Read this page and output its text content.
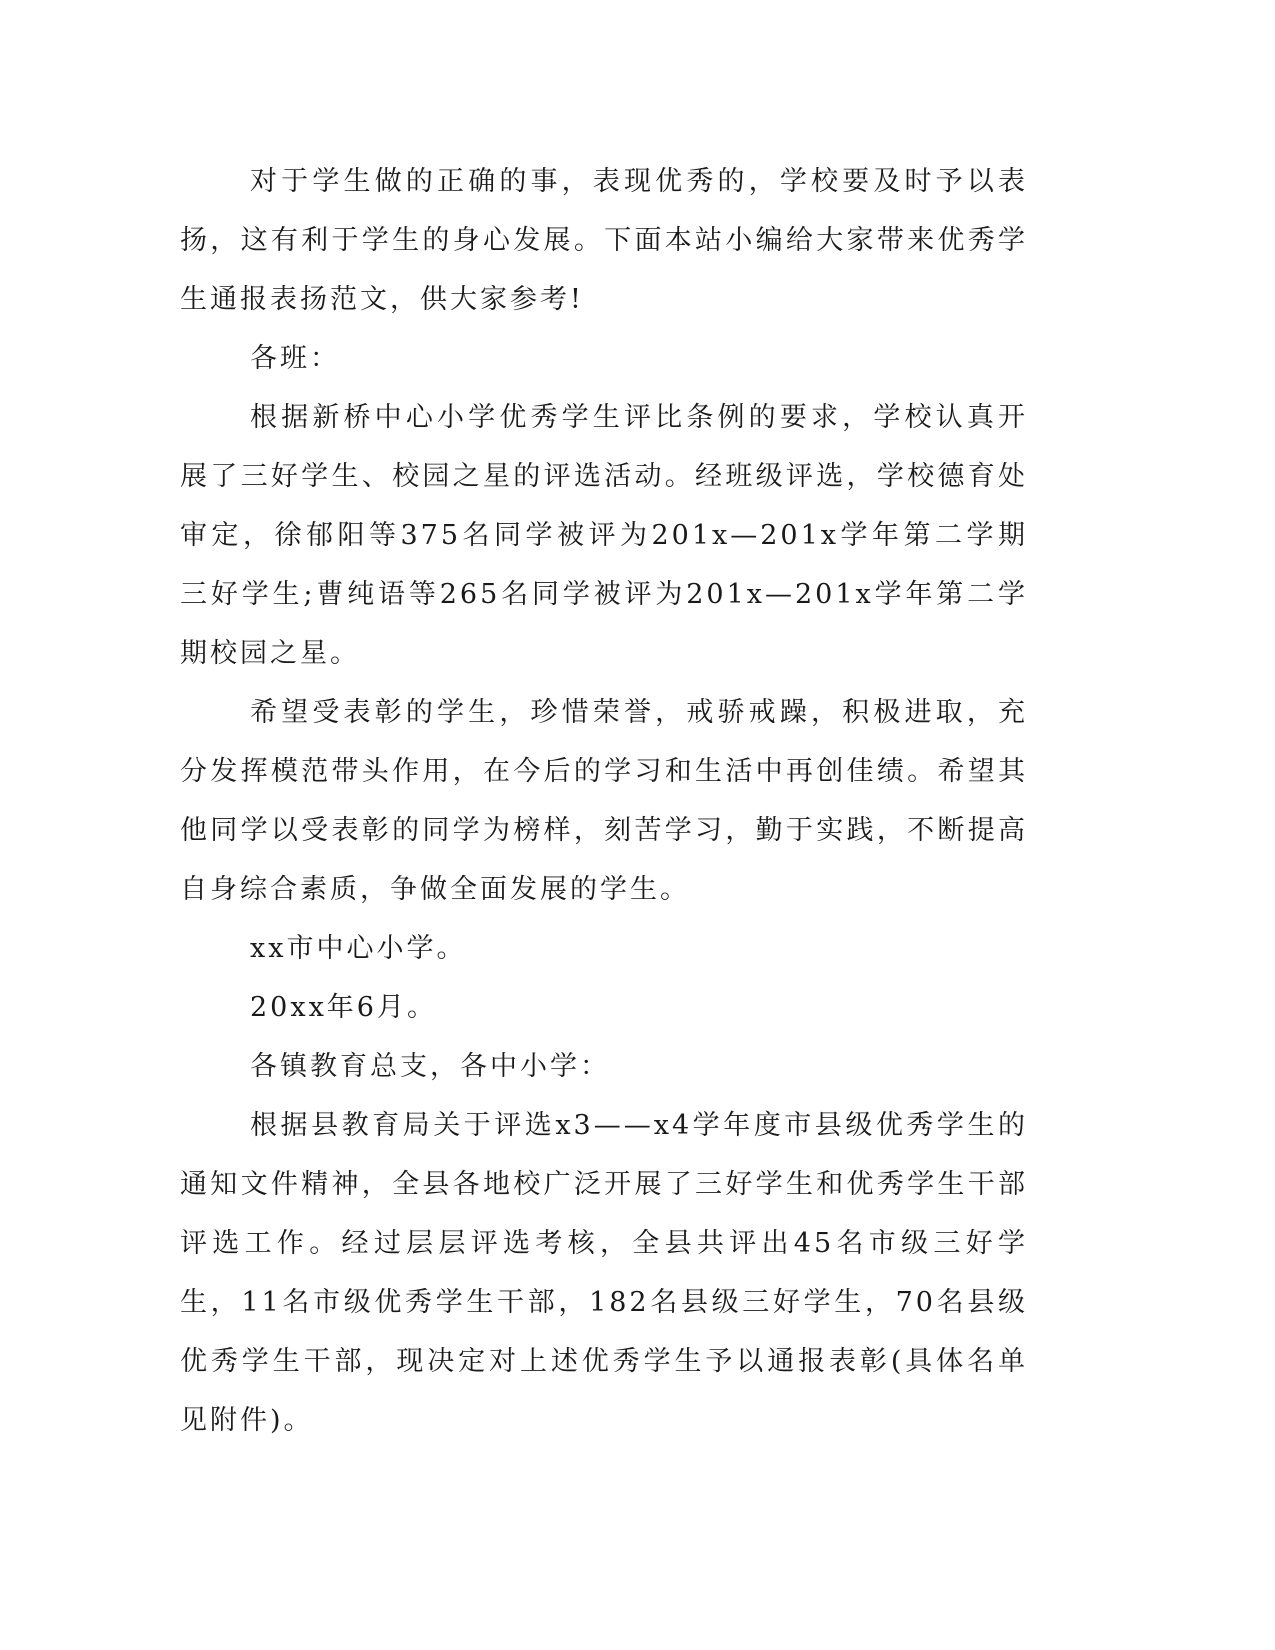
对于学生做的正确的事，表现优秀的，学校要及时予以表扬，这有利于学生的身心发展。下面本站小编给大家带来优秀学生通报表扬范文，供大家参考!

各班：

根据新桥中心小学优秀学生评比条例的要求，学校认真开展了三好学生、校园之星的评选活动。经班级评选，学校德育处审定，徐郁阳等375名同学被评为201x—201x学年第二学期三好学生;曹纯语等265名同学被评为201x—201x学年第二学期校园之星。

希望受表彰的学生，珍惜荣誉，戒骄戒躁，积极进取，充分发挥模范带头作用，在今后的学习和生活中再创佳绩。希望其他同学以受表彰的同学为榜样，刻苦学习，勤于实践，不断提高自身综合素质，争做全面发展的学生。

xx市中心小学。

20xx年6月。

各镇教育总支，各中小学：

根据县教育局关于评选x3——x4学年度市县级优秀学生的通知文件精神，全县各地校广泛开展了三好学生和优秀学生干部评选工作。经过层层评选考核，全县共评出45名市级三好学生，11名市级优秀学生干部，182名县级三好学生，70名县级优秀学生干部，现决定对上述优秀学生予以通报表彰(具体名单见附件)。
